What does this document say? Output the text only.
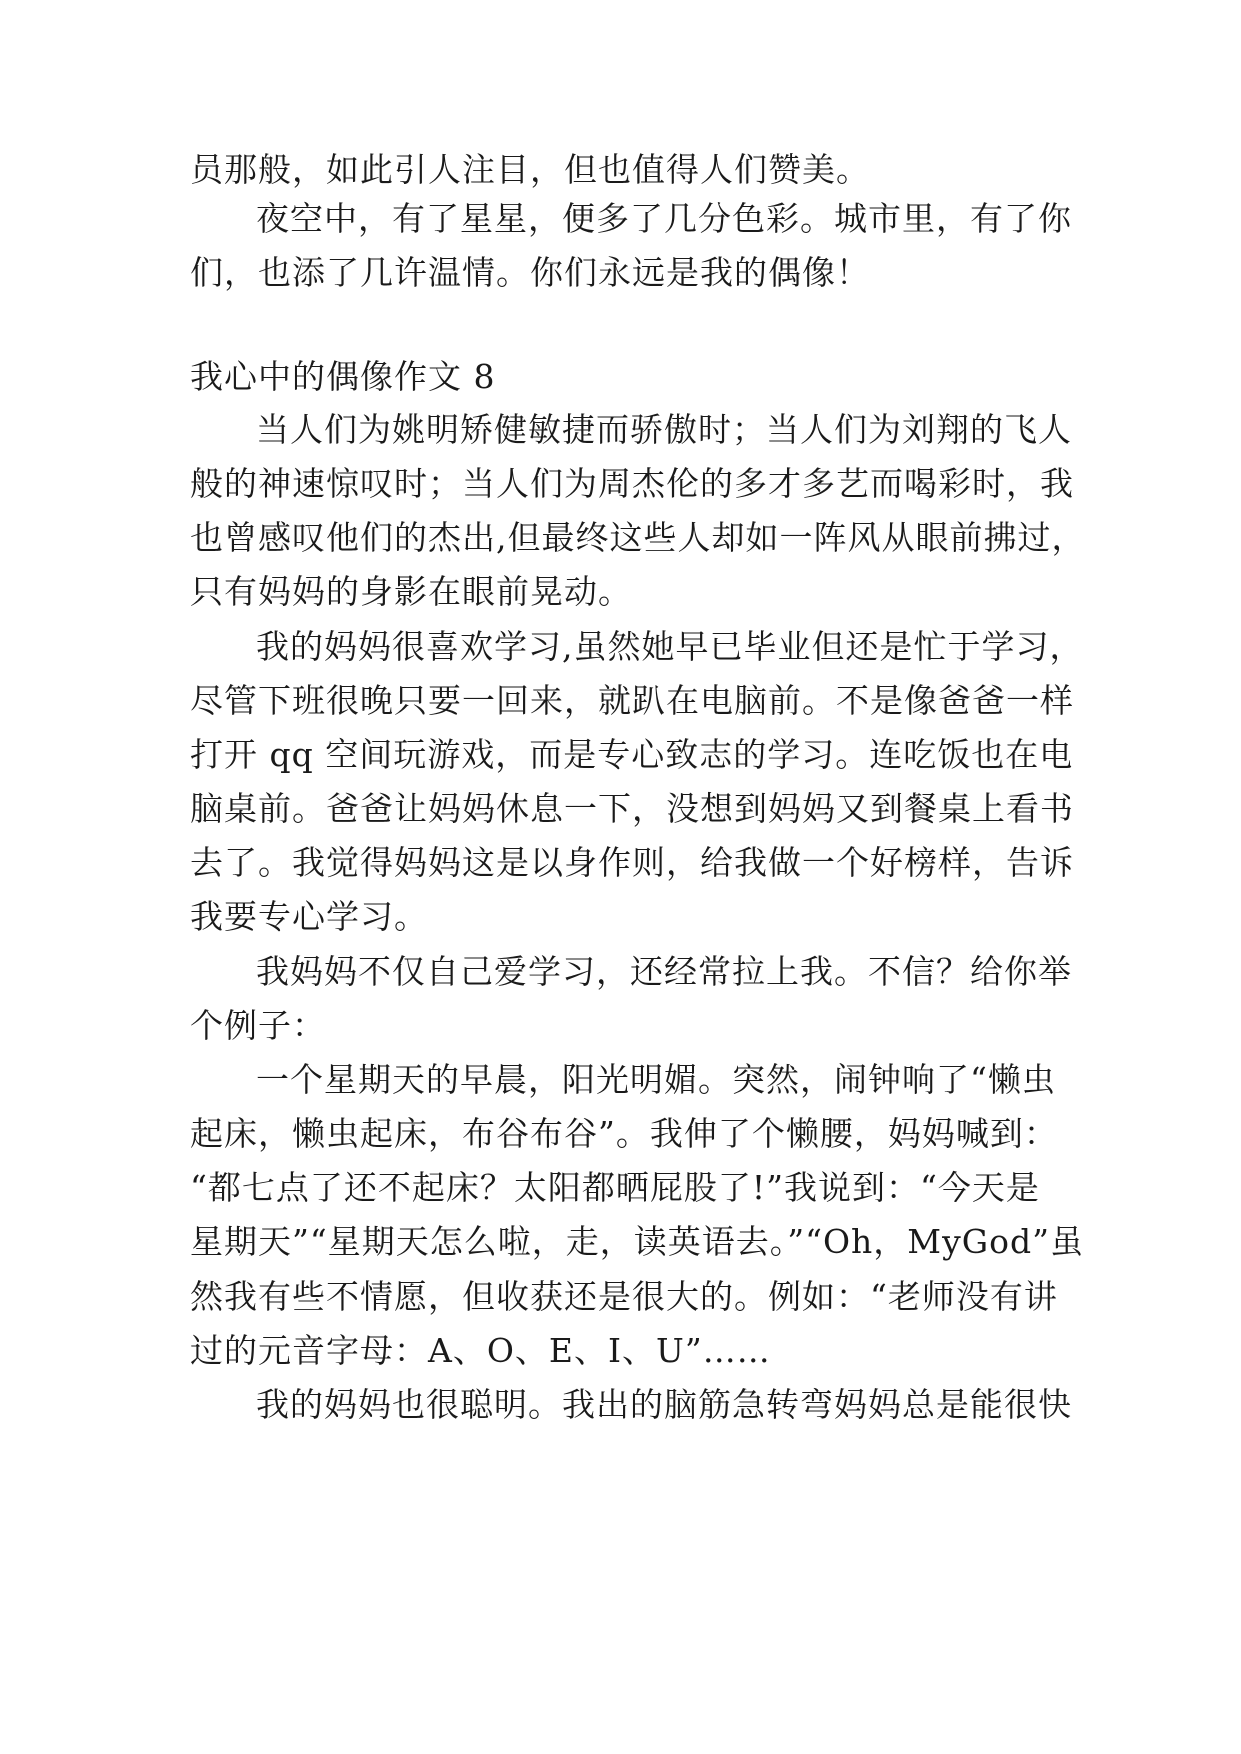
员那般，如此引人注目，但也值得人们赞美。
夜空中，有了星星，便多了几分色彩。城市里，有了你
们，也添了几许温情。你们永远是我的偶像！
我心中的偶像作文 8
当人们为姚明矫健敏捷而骄傲时；当人们为刘翔的飞人
般的神速惊叹时；当人们为周杰伦的多才多艺而喝彩时，我
也曾感叹他们的杰出,但最终这些人却如一阵风从眼前拂过，
只有妈妈的身影在眼前晃动。
我的妈妈很喜欢学习,虽然她早已毕业但还是忙于学习，
尽管下班很晚只要一回来，就趴在电脑前。不是像爸爸一样
打开 qq 空间玩游戏，而是专心致志的学习。连吃饭也在电
脑桌前。爸爸让妈妈休息一下，没想到妈妈又到餐桌上看书
去了。我觉得妈妈这是以身作则，给我做一个好榜样，告诉
我要专心学习。
我妈妈不仅自己爱学习，还经常拉上我。不信？给你举
个例子：
一个星期天的早晨，阳光明媚。突然，闹钟响了“懒虫
起床，懒虫起床，布谷布谷”。我伸了个懒腰，妈妈喊到：
“都七点了还不起床？太阳都晒屁股了!”我说到：“今天是
星期天”“星期天怎么啦，走，读英语去。”“Oh，MyGod”虽
然我有些不情愿，但收获还是很大的。例如：“老师没有讲
过的元音字母：A、O、E、I、U”……
我的妈妈也很聪明。我出的脑筋急转弯妈妈总是能很快
